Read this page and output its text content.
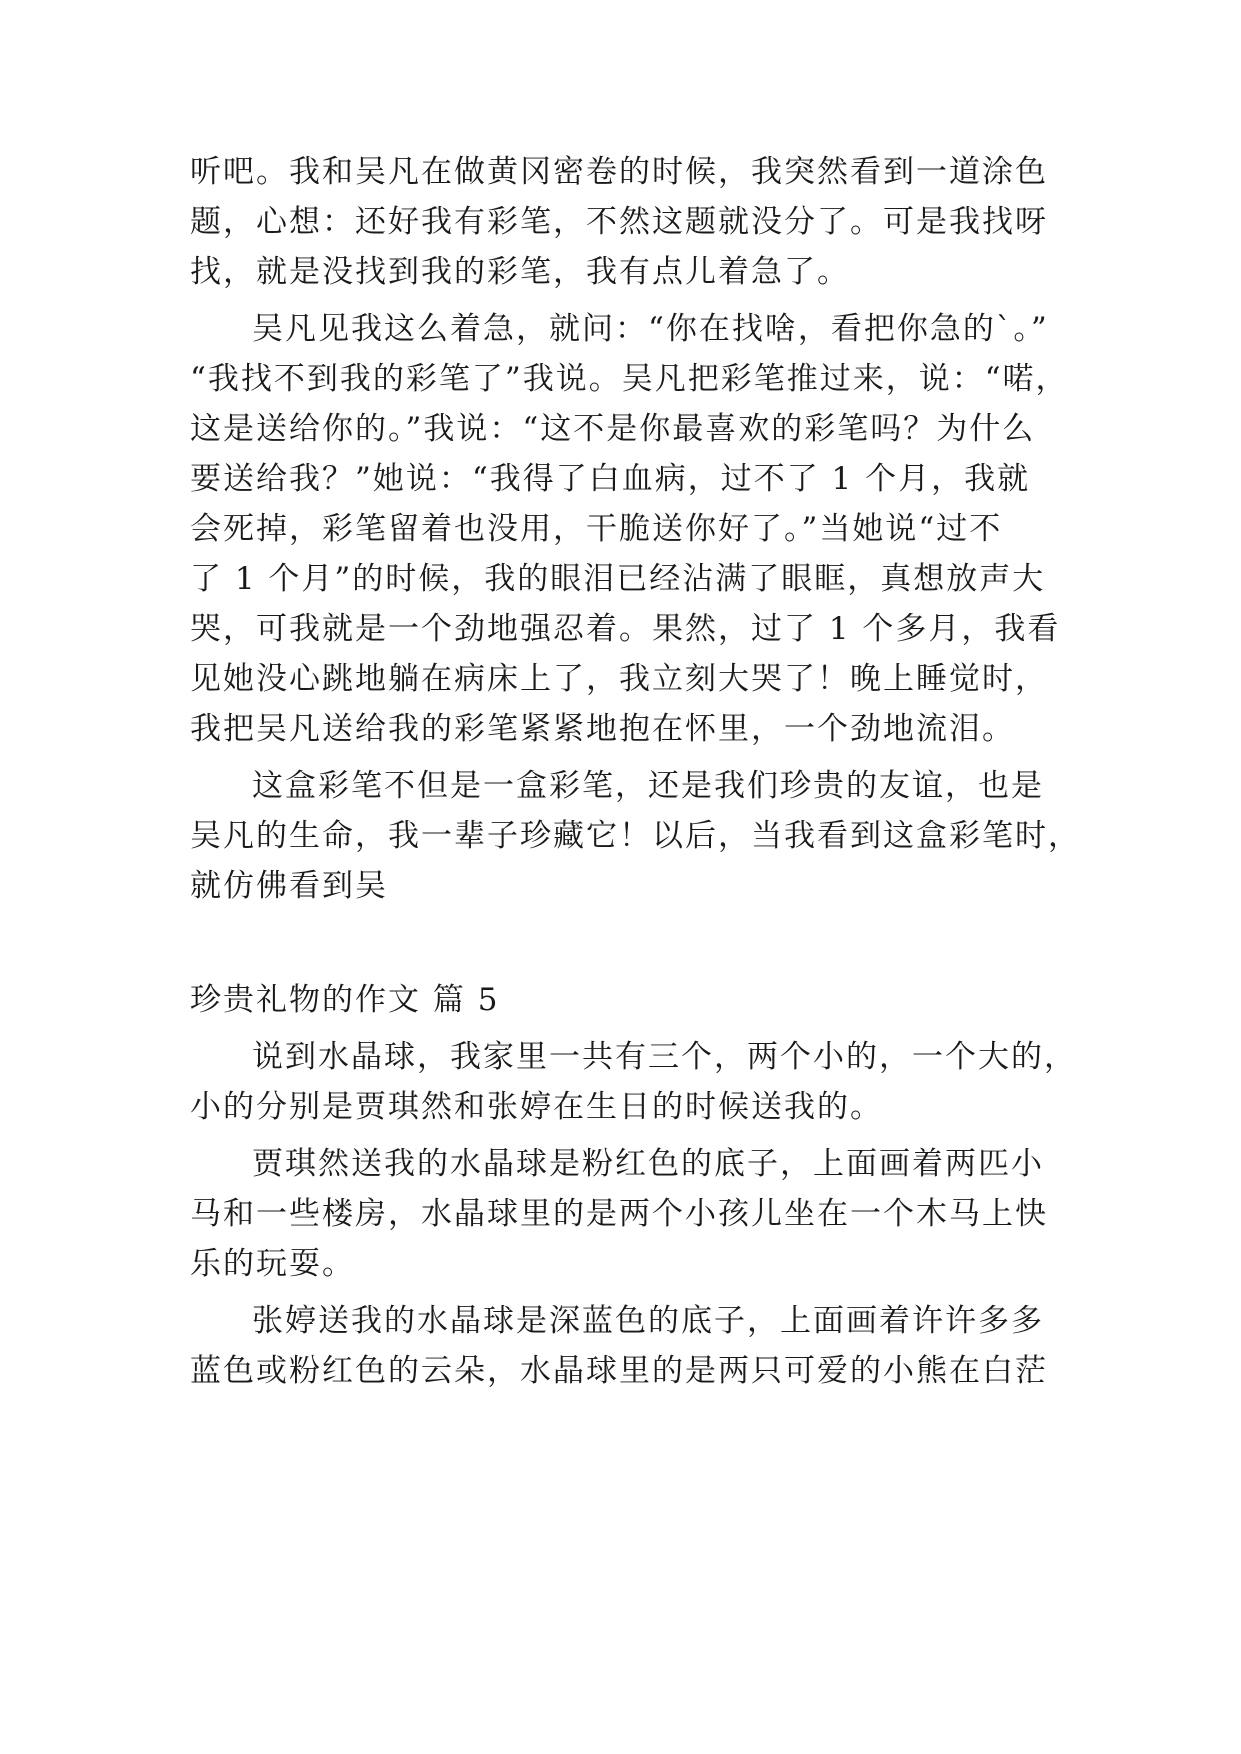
听吧。我和吴凡在做黄冈密卷的时候，我突然看到一道涂色
题，心想：还好我有彩笔，不然这题就没分了。可是我找呀
找，就是没找到我的彩笔，我有点儿着急了。
吴凡见我这么着急，就问：“你在找啥，看把你急的`。”
“我找不到我的彩笔了”我说。吴凡把彩笔推过来，说：“喏，
这是送给你的。”我说：“这不是你最喜欢的彩笔吗？为什么
要送给我？”她说：“我得了白血病，过不了 1 个月，我就
会死掉，彩笔留着也没用，干脆送你好了。”当她说“过不
了 1 个月”的时候，我的眼泪已经沾满了眼眶，真想放声大
哭，可我就是一个劲地强忍着。果然，过了 1 个多月，我看
见她没心跳地躺在病床上了，我立刻大哭了！晚上睡觉时，
我把吴凡送给我的彩笔紧紧地抱在怀里，一个劲地流泪。
这盒彩笔不但是一盒彩笔，还是我们珍贵的友谊，也是
吴凡的生命，我一辈子珍藏它！以后，当我看到这盒彩笔时，
就仿佛看到吴
珍贵礼物的作文 篇 5
说到水晶球，我家里一共有三个，两个小的，一个大的，
小的分别是贾琪然和张婷在生日的时候送我的。
贾琪然送我的水晶球是粉红色的底子，上面画着两匹小
马和一些楼房，水晶球里的是两个小孩儿坐在一个木马上快
乐的玩耍。
张婷送我的水晶球是深蓝色的底子，上面画着许许多多
蓝色或粉红色的云朵，水晶球里的是两只可爱的小熊在白茫
